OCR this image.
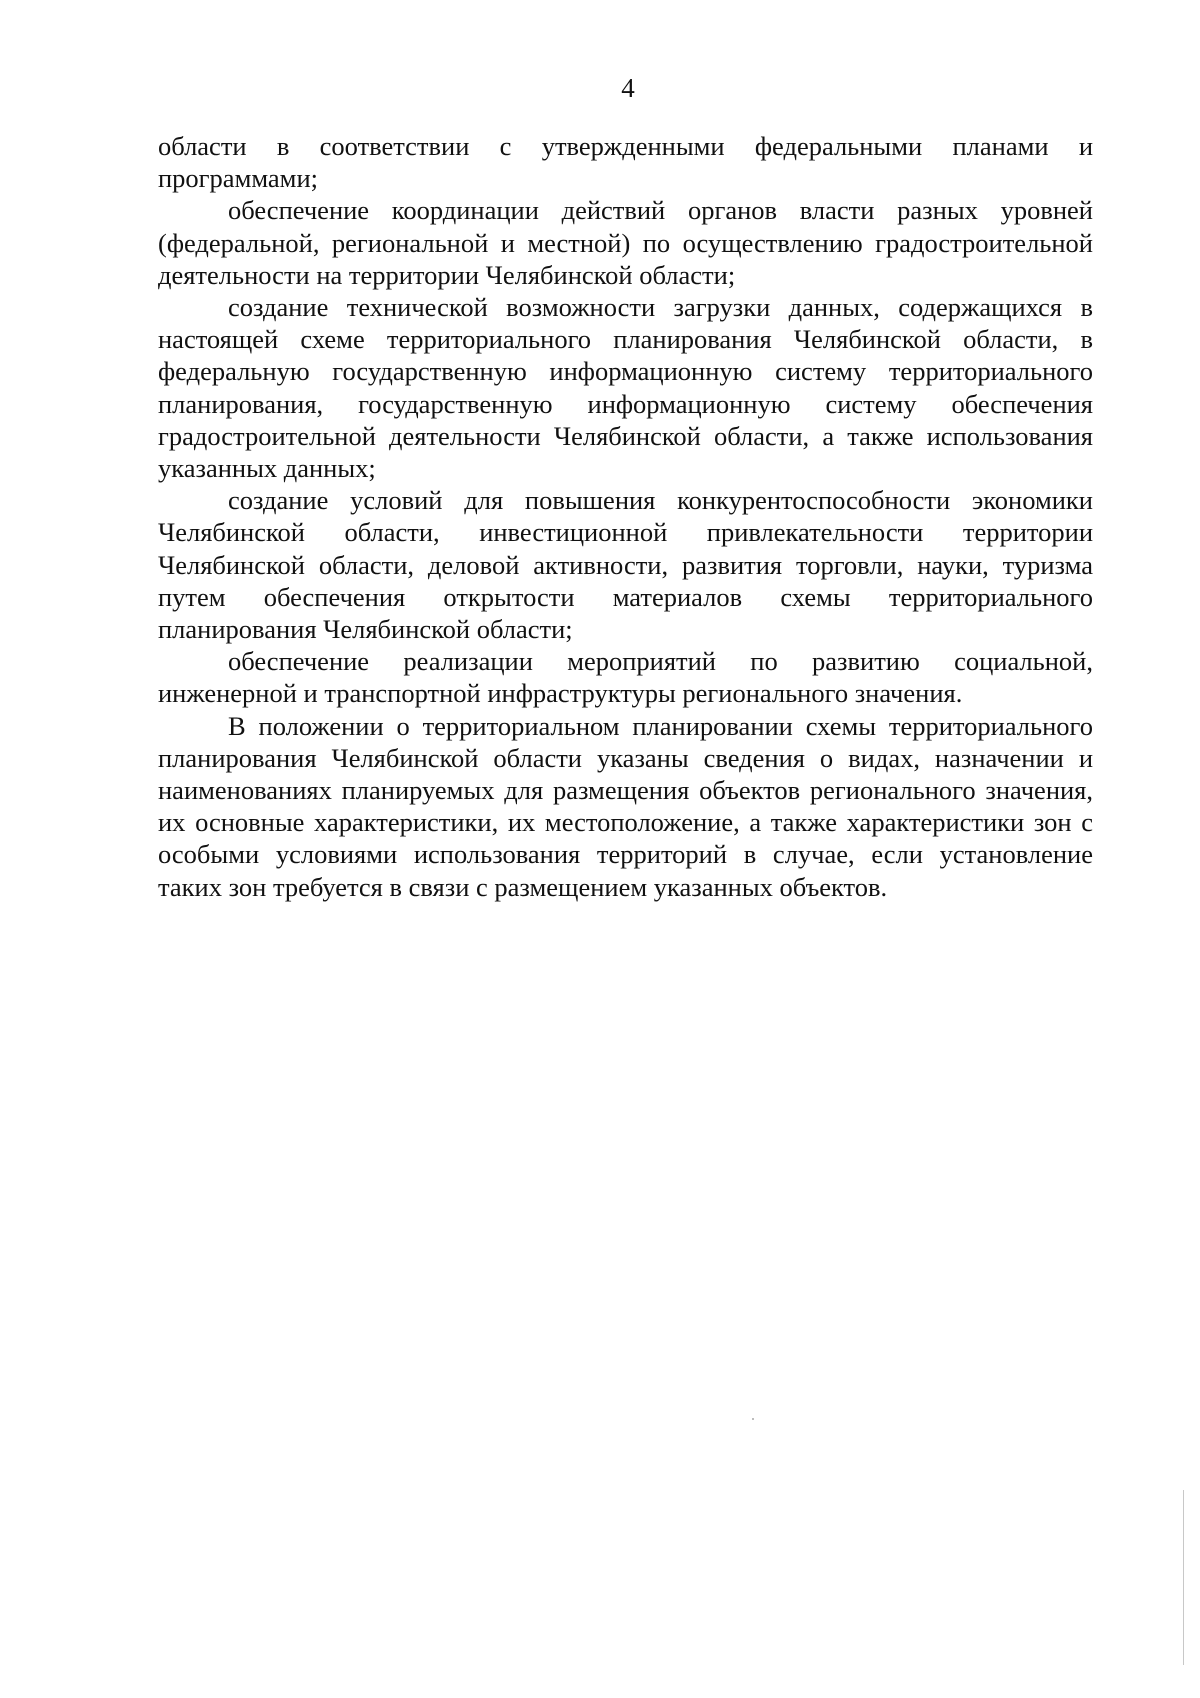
4

области в соответствии с утвержденными федеральными планами и программами;

обеспечение координации действий органов власти разных уровней (федеральной, региональной и местной) по осуществлению градостроительной деятельности на территории Челябинской области;

создание технической возможности загрузки данных, содержащихся в настоящей схеме территориального планирования Челябинской области, в федеральную государственную информационную систему территориального планирования, государственную информационную систему обеспечения градостроительной деятельности Челябинской области, а также использования указанных данных;

создание условий для повышения конкурентоспособности экономики Челябинской области, инвестиционной привлекательности территории Челябинской области, деловой активности, развития торговли, науки, туризма путем обеспечения открытости материалов схемы территориального планирования Челябинской области;

обеспечение реализации мероприятий по развитию социальной, инженерной и транспортной инфраструктуры регионального значения.

В положении о территориальном планировании схемы территориального планирования Челябинской области указаны сведения о видах, назначении и наименованиях планируемых для размещения объектов регионального значения, их основные характеристики, их местоположение, а также характеристики зон с особыми условиями использования территорий в случае, если установление таких зон требуется в связи с размещением указанных объектов.
